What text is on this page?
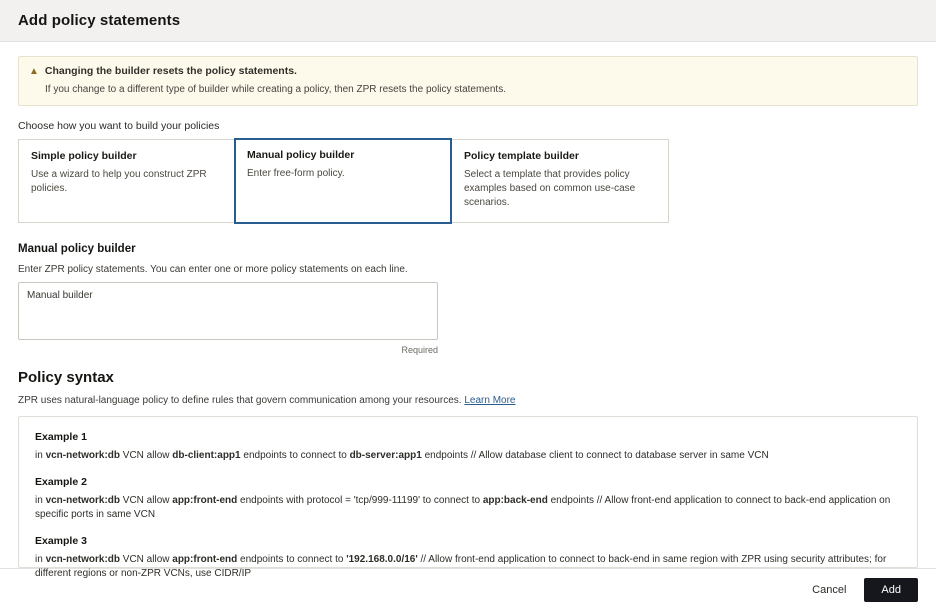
Add policy statements
▲ Changing the builder resets the policy statements.
If you change to a different type of builder while creating a policy, then ZPR resets the policy statements.
Choose how you want to build your policies
Simple policy builder
Use a wizard to help you construct ZPR policies.
Manual policy builder
Enter free-form policy.
Policy template builder
Select a template that provides policy examples based on common use-case scenarios.
Manual policy builder
Enter ZPR policy statements. You can enter one or more policy statements on each line.
Manual builder
Required
Policy syntax
ZPR uses natural-language policy to define rules that govern communication among your resources. Learn More
Example 1
in vcn-network:db VCN allow db-client:app1 endpoints to connect to db-server:app1 endpoints // Allow database client to connect to database server in same VCN
Example 2
in vcn-network:db VCN allow app:front-end endpoints with protocol = 'tcp/999-11199' to connect to app:back-end endpoints // Allow front-end application to connect to back-end application on specific ports in same VCN
Example 3
in vcn-network:db VCN allow app:front-end endpoints to connect to '192.168.0.0/16' // Allow front-end application to connect to back-end in same region with ZPR using security attributes; for different regions or non-ZPR VCNs, use CIDR/IP
Cancel	Add
